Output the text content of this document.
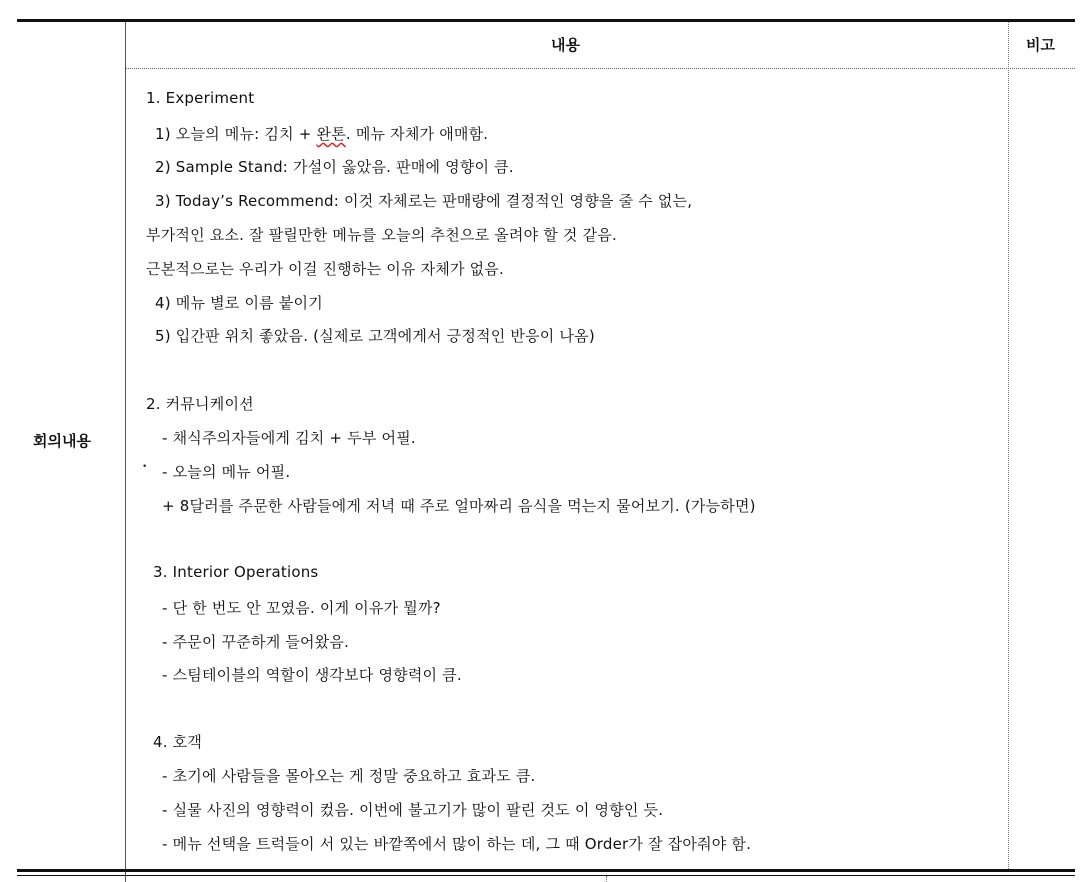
내용	비고
회의내용
1. Experiment
1) 오늘의 메뉴: 김치 + 완톤. 메뉴 자체가 애매함.
2) Sample Stand: 가설이 옳았음. 판매에 영향이 큼.
3) Today’s Recommend: 이것 자체로는 판매량에 결정적인 영향을 줄 수 없는,
부가적인 요소. 잘 팔릴만한 메뉴를 오늘의 추천으로 올려야 할 것 같음.
근본적으로는 우리가 이걸 진행하는 이유 자체가 없음.
4) 메뉴 별로 이름 붙이기
5) 입간판 위치 좋았음. (실제로 고객에게서 긍정적인 반응이 나옴)
2. 커뮤니케이션
- 채식주의자들에게 김치 + 두부 어필.
• - 오늘의 메뉴 어필.
+ 8달러를 주문한 사람들에게 저녁 때 주로 얼마짜리 음식을 먹는지 물어보기. (가능하면)
3. Interior Operations
- 단 한 번도 안 꼬였음. 이게 이유가 뭘까?
- 주문이 꾸준하게 들어왔음.
- 스팀테이블의 역할이 생각보다 영향력이 큼.
4. 호객
- 초기에 사람들을 몰아오는 게 정말 중요하고 효과도 큼.
- 실물 사진의 영향력이 컸음. 이번에 불고기가 많이 팔린 것도 이 영향인 듯.
- 메뉴 선택을 트럭들이 서 있는 바깥쪽에서 많이 하는 데, 그 때 Order가 잘 잡아줘야 함.
